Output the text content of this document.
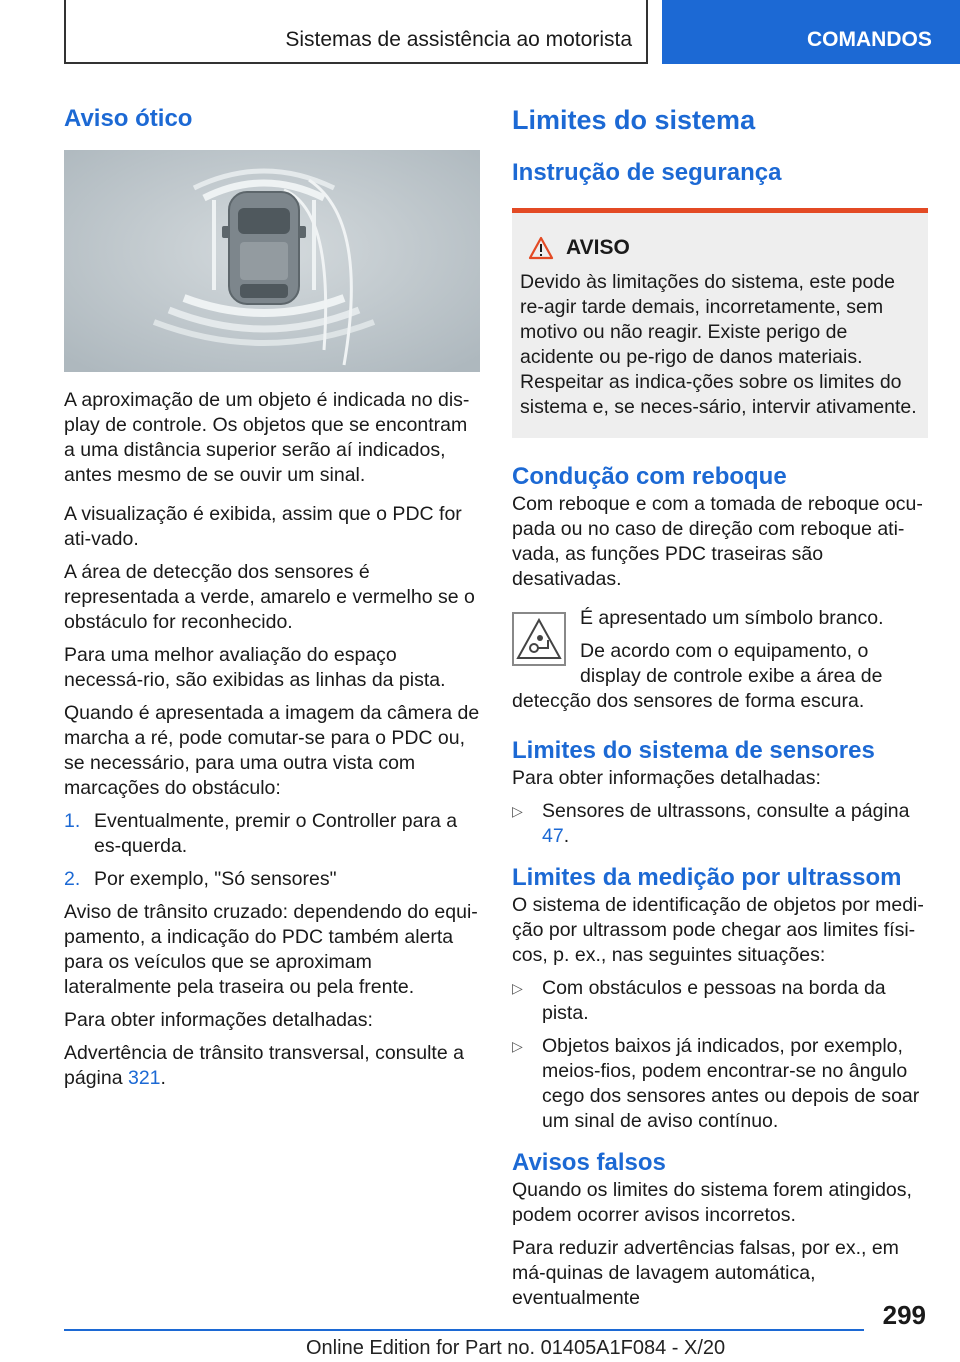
Sistemas de assistência ao motorista	COMANDOS
Aviso ótico

A aproximação de um objeto é indicada no dis-play de controle. Os objetos que se encontram a uma distância superior serão aí indicados, antes mesmo de se ouvir um sinal.

A visualização é exibida, assim que o PDC for ati-vado.

A área de detecção dos sensores é representada a verde, amarelo e vermelho se o obstáculo for reconhecido.

Para uma melhor avaliação do espaço necessá-rio, são exibidas as linhas da pista.

Quando é apresentada a imagem da câmera de marcha a ré, pode comutar-se para o PDC ou, se necessário, para uma outra vista com marcações do obstáculo:

1. Eventualmente, premir o Controller para a es-querda.
2. Por exemplo, "Só sensores"

Aviso de trânsito cruzado: dependendo do equi-pamento, a indicação do PDC também alerta para os veículos que se aproximam lateralmente pela traseira ou pela frente.

Para obter informações detalhadas:

Advertência de trânsito transversal, consulte a página 321.

Limites do sistema
Instrução de segurança
AVISO
Devido às limitações do sistema, este pode re-agir tarde demais, incorretamente, sem motivo ou não reagir. Existe perigo de acidente ou pe-rigo de danos materiais. Respeitar as indica-ções sobre os limites do sistema e, se neces-sário, intervir ativamente.
Condução com reboque

Com reboque e com a tomada de reboque ocu-pada ou no caso de direção com reboque ati-vada, as funções PDC traseiras são desativadas.

É apresentado um símbolo branco.

De acordo com o equipamento, o display de controle exibe a área de detecção dos sensores de forma escura.

Limites do sistema de sensores

Para obter informações detalhadas:

▷ Sensores de ultrassons, consulte a página 47.
Limites da medição por ultrassom

O sistema de identificação de objetos por medi-ção por ultrassom pode chegar aos limites físi-cos, p. ex., nas seguintes situações:

▷ Com obstáculos e pessoas na borda da pista.
▷ Objetos baixos já indicados, por exemplo, meios-fios, podem encontrar-se no ângulo cego dos sensores antes ou depois de soar um sinal de aviso contínuo.
Avisos falsos

Quando os limites do sistema forem atingidos, podem ocorrer avisos incorretos.

Para reduzir advertências falsas, por ex., em má-quinas de lavagem automática, eventualmente

299
Online Edition for Part no. 01405A1F084 - X/20
